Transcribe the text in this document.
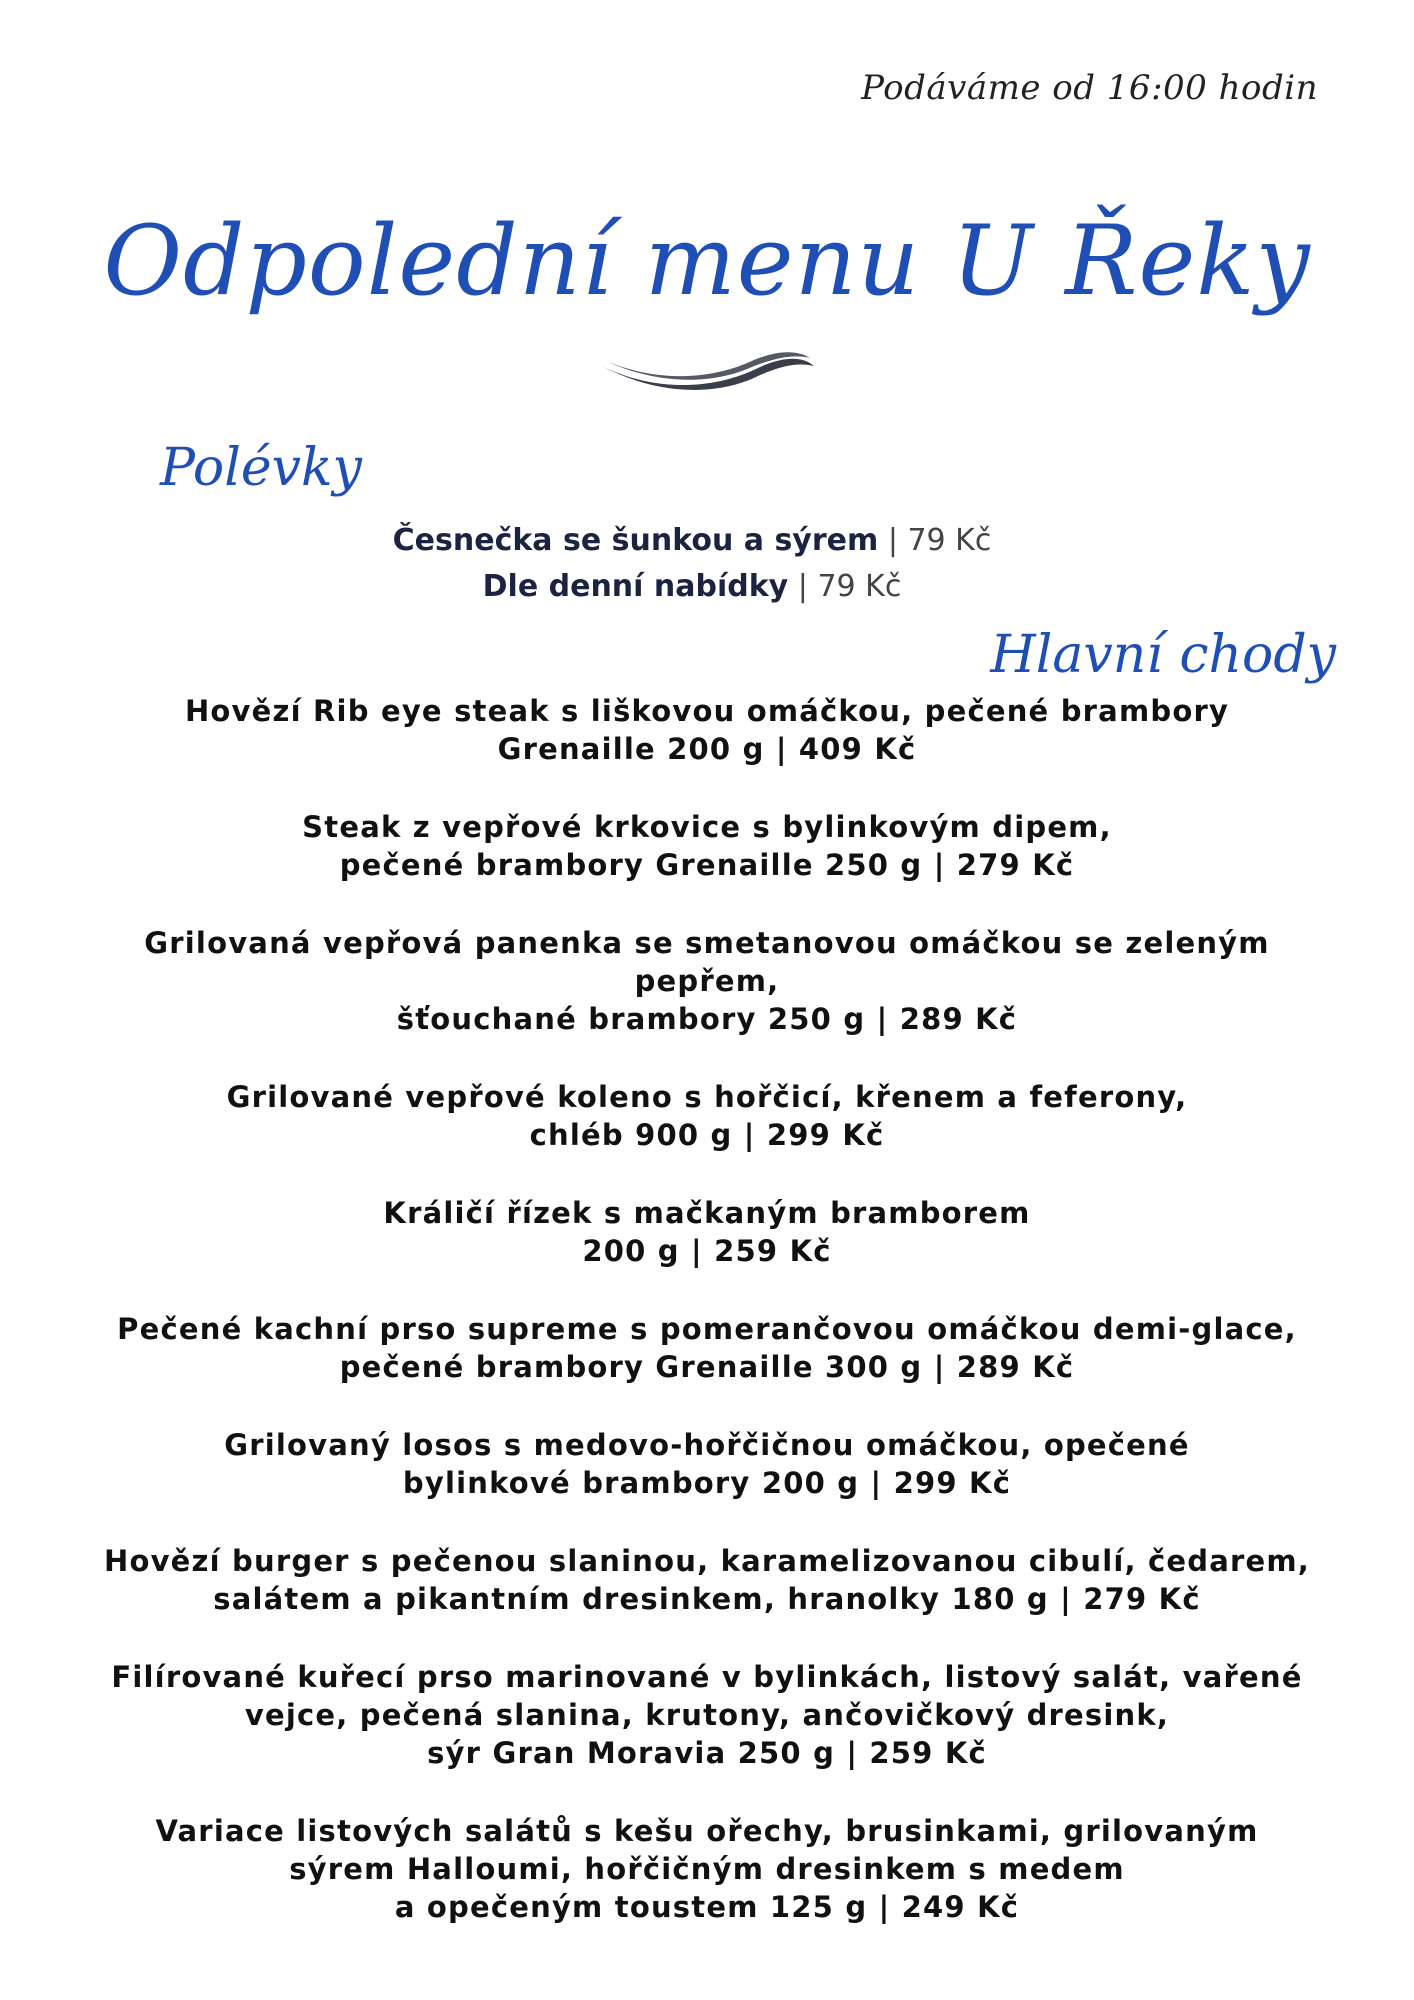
Podáváme od 16:00 hodin
Odpolední menu U Řeky
Polévky
Česnečka se šunkou a sýrem | 79 Kč
Dle denní nabídky | 79 Kč
Hlavní chody
Hovězí Rib eye steak s liškovou omáčkou, pečené brambory
Grenaille 200 g | 409 Kč
Steak z vepřové krkovice s bylinkovým dipem,
pečené brambory Grenaille 250 g | 279 Kč
Grilovaná vepřová panenka se smetanovou omáčkou se zeleným pepřem,
šťouchané brambory 250 g | 289 Kč
Grilované vepřové koleno s hořčicí, křenem a feferony,
chléb 900 g | 299 Kč
Králičí řízek s mačkaným bramborem
200 g | 259 Kč
Pečené kachní prso supreme s pomerančovou omáčkou demi-glace,
pečené brambory Grenaille 300 g | 289 Kč
Grilovaný losos s medovo-hořčičnou omáčkou, opečené
bylinkové brambory 200 g | 299 Kč
Hovězí burger s pečenou slaninou, karamelizovanou cibulí, čedarem,
salátem a pikantním dresinkem, hranolky 180 g | 279 Kč
Filírované kuřecí prso marinované v bylinkách, listový salát, vařené
vejce, pečená slanina, krutony, ančovičkový dresink,
sýr Gran Moravia 250 g | 259 Kč
Variace listových salátů s kešu ořechy, brusinkami, grilovaným
sýrem Halloumi, hořčičným dresinkem s medem
a opečeným toustem 125 g | 249 Kč
